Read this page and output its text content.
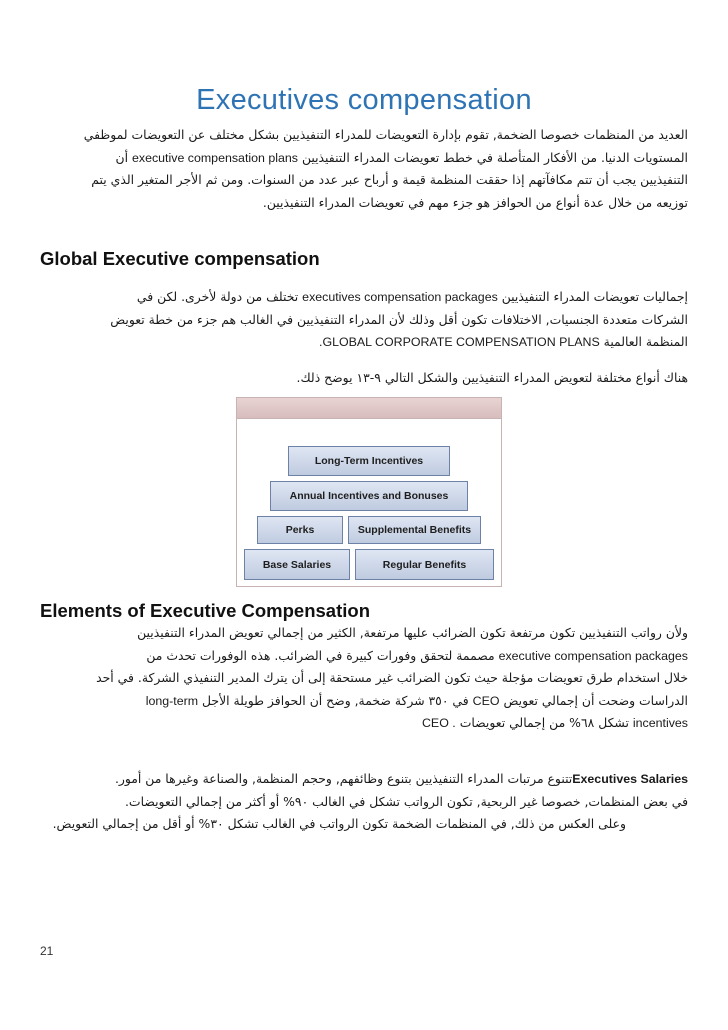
Executives compensation
العديد من المنظمات خصوصا الضخمة, تقوم بإدارة التعويضات للمدراء التنفيذيين بشكل مختلف عن التعويضات لموظفي
المستويات الدنيا. من الأفكار المتأصلة في خطط تعويضات المدراء التنفيذيين executive compensation plans أن
التنفيذيين يجب أن تتم مكافآتهم إذا حققت المنظمة قيمة و أرباح عبر عدد من السنوات. ومن ثم الأجر المتغير الذي يتم
توزيعه من خلال عدة أنواع من الحوافز هو جزء مهم في تعويضات المدراء التنفيذيين.
Global Executive compensation
إجماليات تعويضات المدراء التنفيذيين executives compensation packages تختلف من دولة لأخرى. لكن في
الشركات متعددة الجنسيات, الاختلافات تكون أقل وذلك لأن المدراء التنفيذيين في الغالب هم جزء من خطة تعويض
المنظمة العالمية .GLOBAL CORPORATE COMPENSATION PLANS
هناك أنواع مختلفة لتعويض المدراء التنفيذيين والشكل التالي ٩-١٣ يوضح ذلك.
Long-Term Incentives
Annual Incentives and Bonuses
Perks	Supplemental Benefits
Base Salaries	Regular Benefits
Elements of Executive Compensation
ولأن رواتب التنفيذيين تكون مرتفعة تكون الضرائب عليها مرتفعة, الكثير من إجمالي تعويض المدراء التنفيذيين
executive compensation packages مصممة لتحقق وفورات كبيرة في الضرائب. هذه الوفورات تحدث من
خلال استخدام طرق تعويضات مؤجلة حيث تكون الضرائب غير مستحقة إلى أن يترك المدير التنفيذي الشركة. في أحد
الدراسات وضحت أن إجمالي تعويض CEO في ٣٥٠ شركة ضخمة, وضح أن الحوافز طويلة الأجل long-term
incentives تشكل ٦٨% من إجمالي تعويضات CEO .
Executives Salariesتتنوع مرتبات المدراء التنفيذيين بتنوع وظائفهم, وحجم المنظمة, والصناعة وغيرها من أمور.
في بعض المنظمات, خصوصا غير الربحية, تكون الرواتب تشكل في الغالب ٩٠% أو أكثر من إجمالي التعويضات.
وعلى العكس من ذلك, في المنظمات الضخمة تكون الرواتب في الغالب تشكل ٣٠% أو أقل من إجمالي التعويض.
21
